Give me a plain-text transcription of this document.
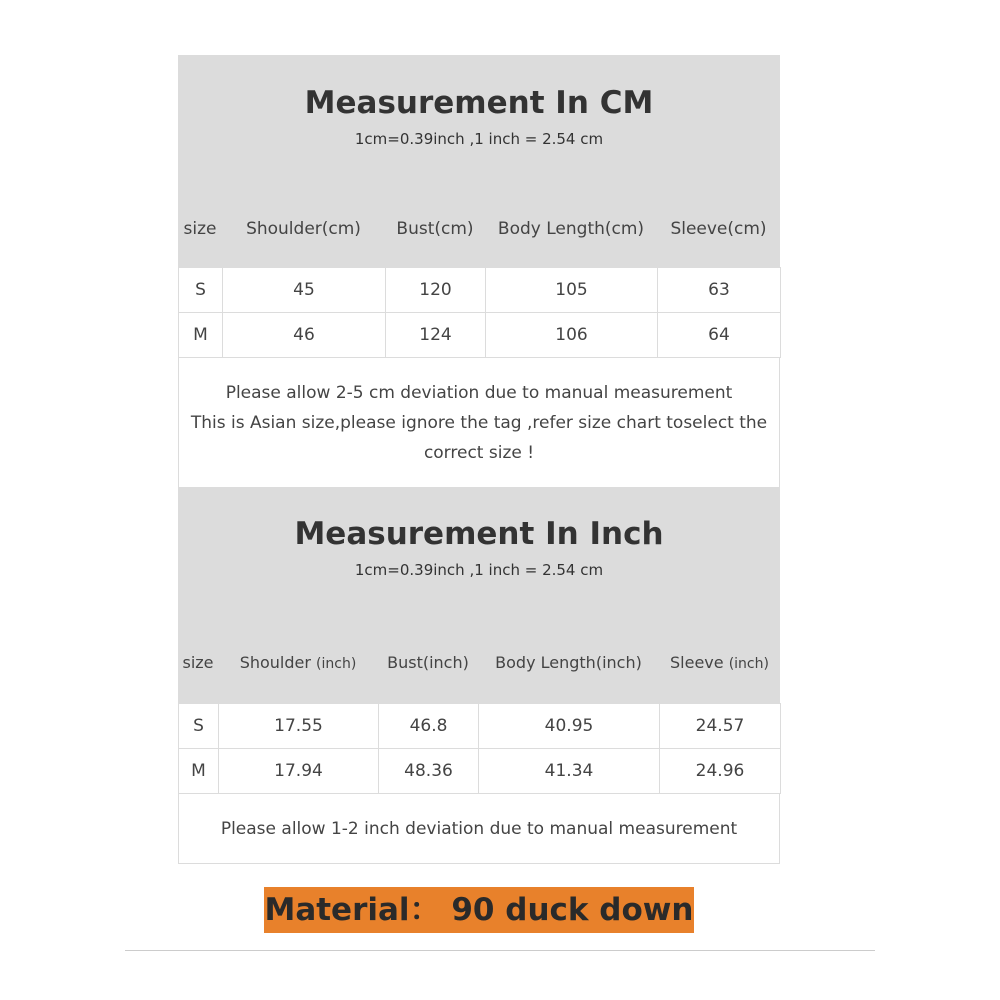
Measurement In CM
1cm=0.39inch ,1 inch = 2.54 cm
size	Shoulder(cm)	Bust(cm)	Body Length(cm)	Sleeve(cm)
S	45	120	105	63
M	46	124	106	64
Please allow 2-5 cm deviation due to manual measurement
This is Asian size,please ignore the tag ,refer size chart toselect the
correct size !
Measurement In Inch
1cm=0.39inch ,1 inch = 2.54 cm
size	Shoulder (inch)	Bust(inch)	Body Length(inch)	Sleeve (inch)
S	17.55	46.8	40.95	24.57
M	17.94	48.36	41.34	24.96
Please allow 1-2 inch deviation due to manual measurement
Material： 90 duck down
